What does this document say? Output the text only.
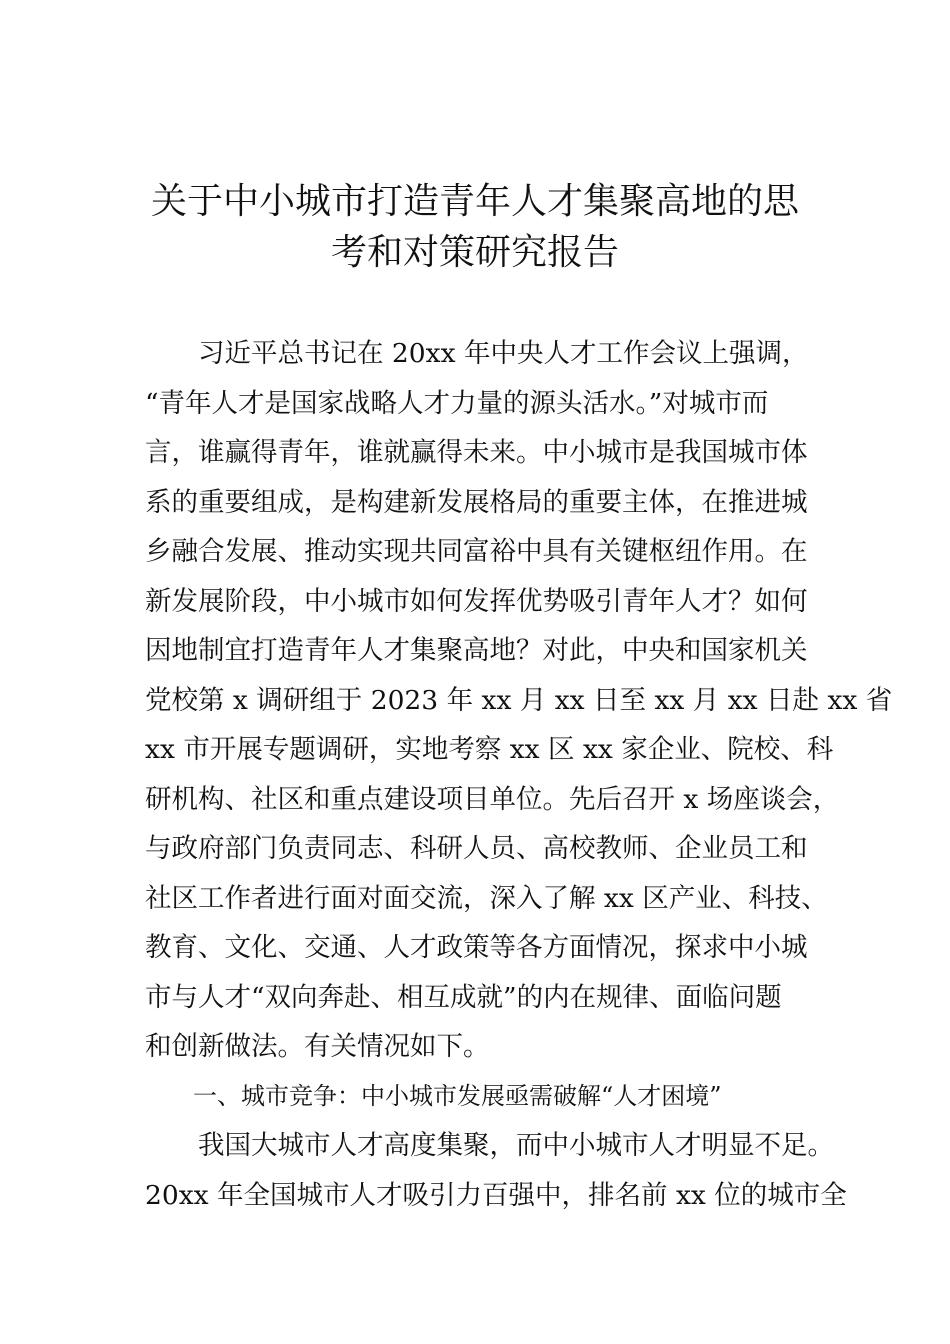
关于中小城市打造青年人才集聚高地的思
考和对策研究报告
　　习近平总书记在 20xx 年中央人才工作会议上强调，
“青年人才是国家战略人才力量的源头活水。”对城市而
言，谁赢得青年，谁就赢得未来。中小城市是我国城市体
系的重要组成，是构建新发展格局的重要主体，在推进城
乡融合发展、推动实现共同富裕中具有关键枢纽作用。在
新发展阶段，中小城市如何发挥优势吸引青年人才？如何
因地制宜打造青年人才集聚高地？对此，中央和国家机关
党校第 x 调研组于 2023 年 xx 月 xx 日至 xx 月 xx 日赴 xx 省
xx 市开展专题调研，实地考察 xx 区 xx 家企业、院校、科
研机构、社区和重点建设项目单位。先后召开 x 场座谈会，
与政府部门负责同志、科研人员、高校教师、企业员工和
社区工作者进行面对面交流，深入了解 xx 区产业、科技、
教育、文化、交通、人才政策等各方面情况，探求中小城
市与人才“双向奔赴、相互成就”的内在规律、面临问题
和创新做法。有关情况如下。
　　一、城市竞争：中小城市发展亟需破解“人才困境”
　　我国大城市人才高度集聚，而中小城市人才明显不足。
20xx 年全国城市人才吸引力百强中，排名前 xx 位的城市全
